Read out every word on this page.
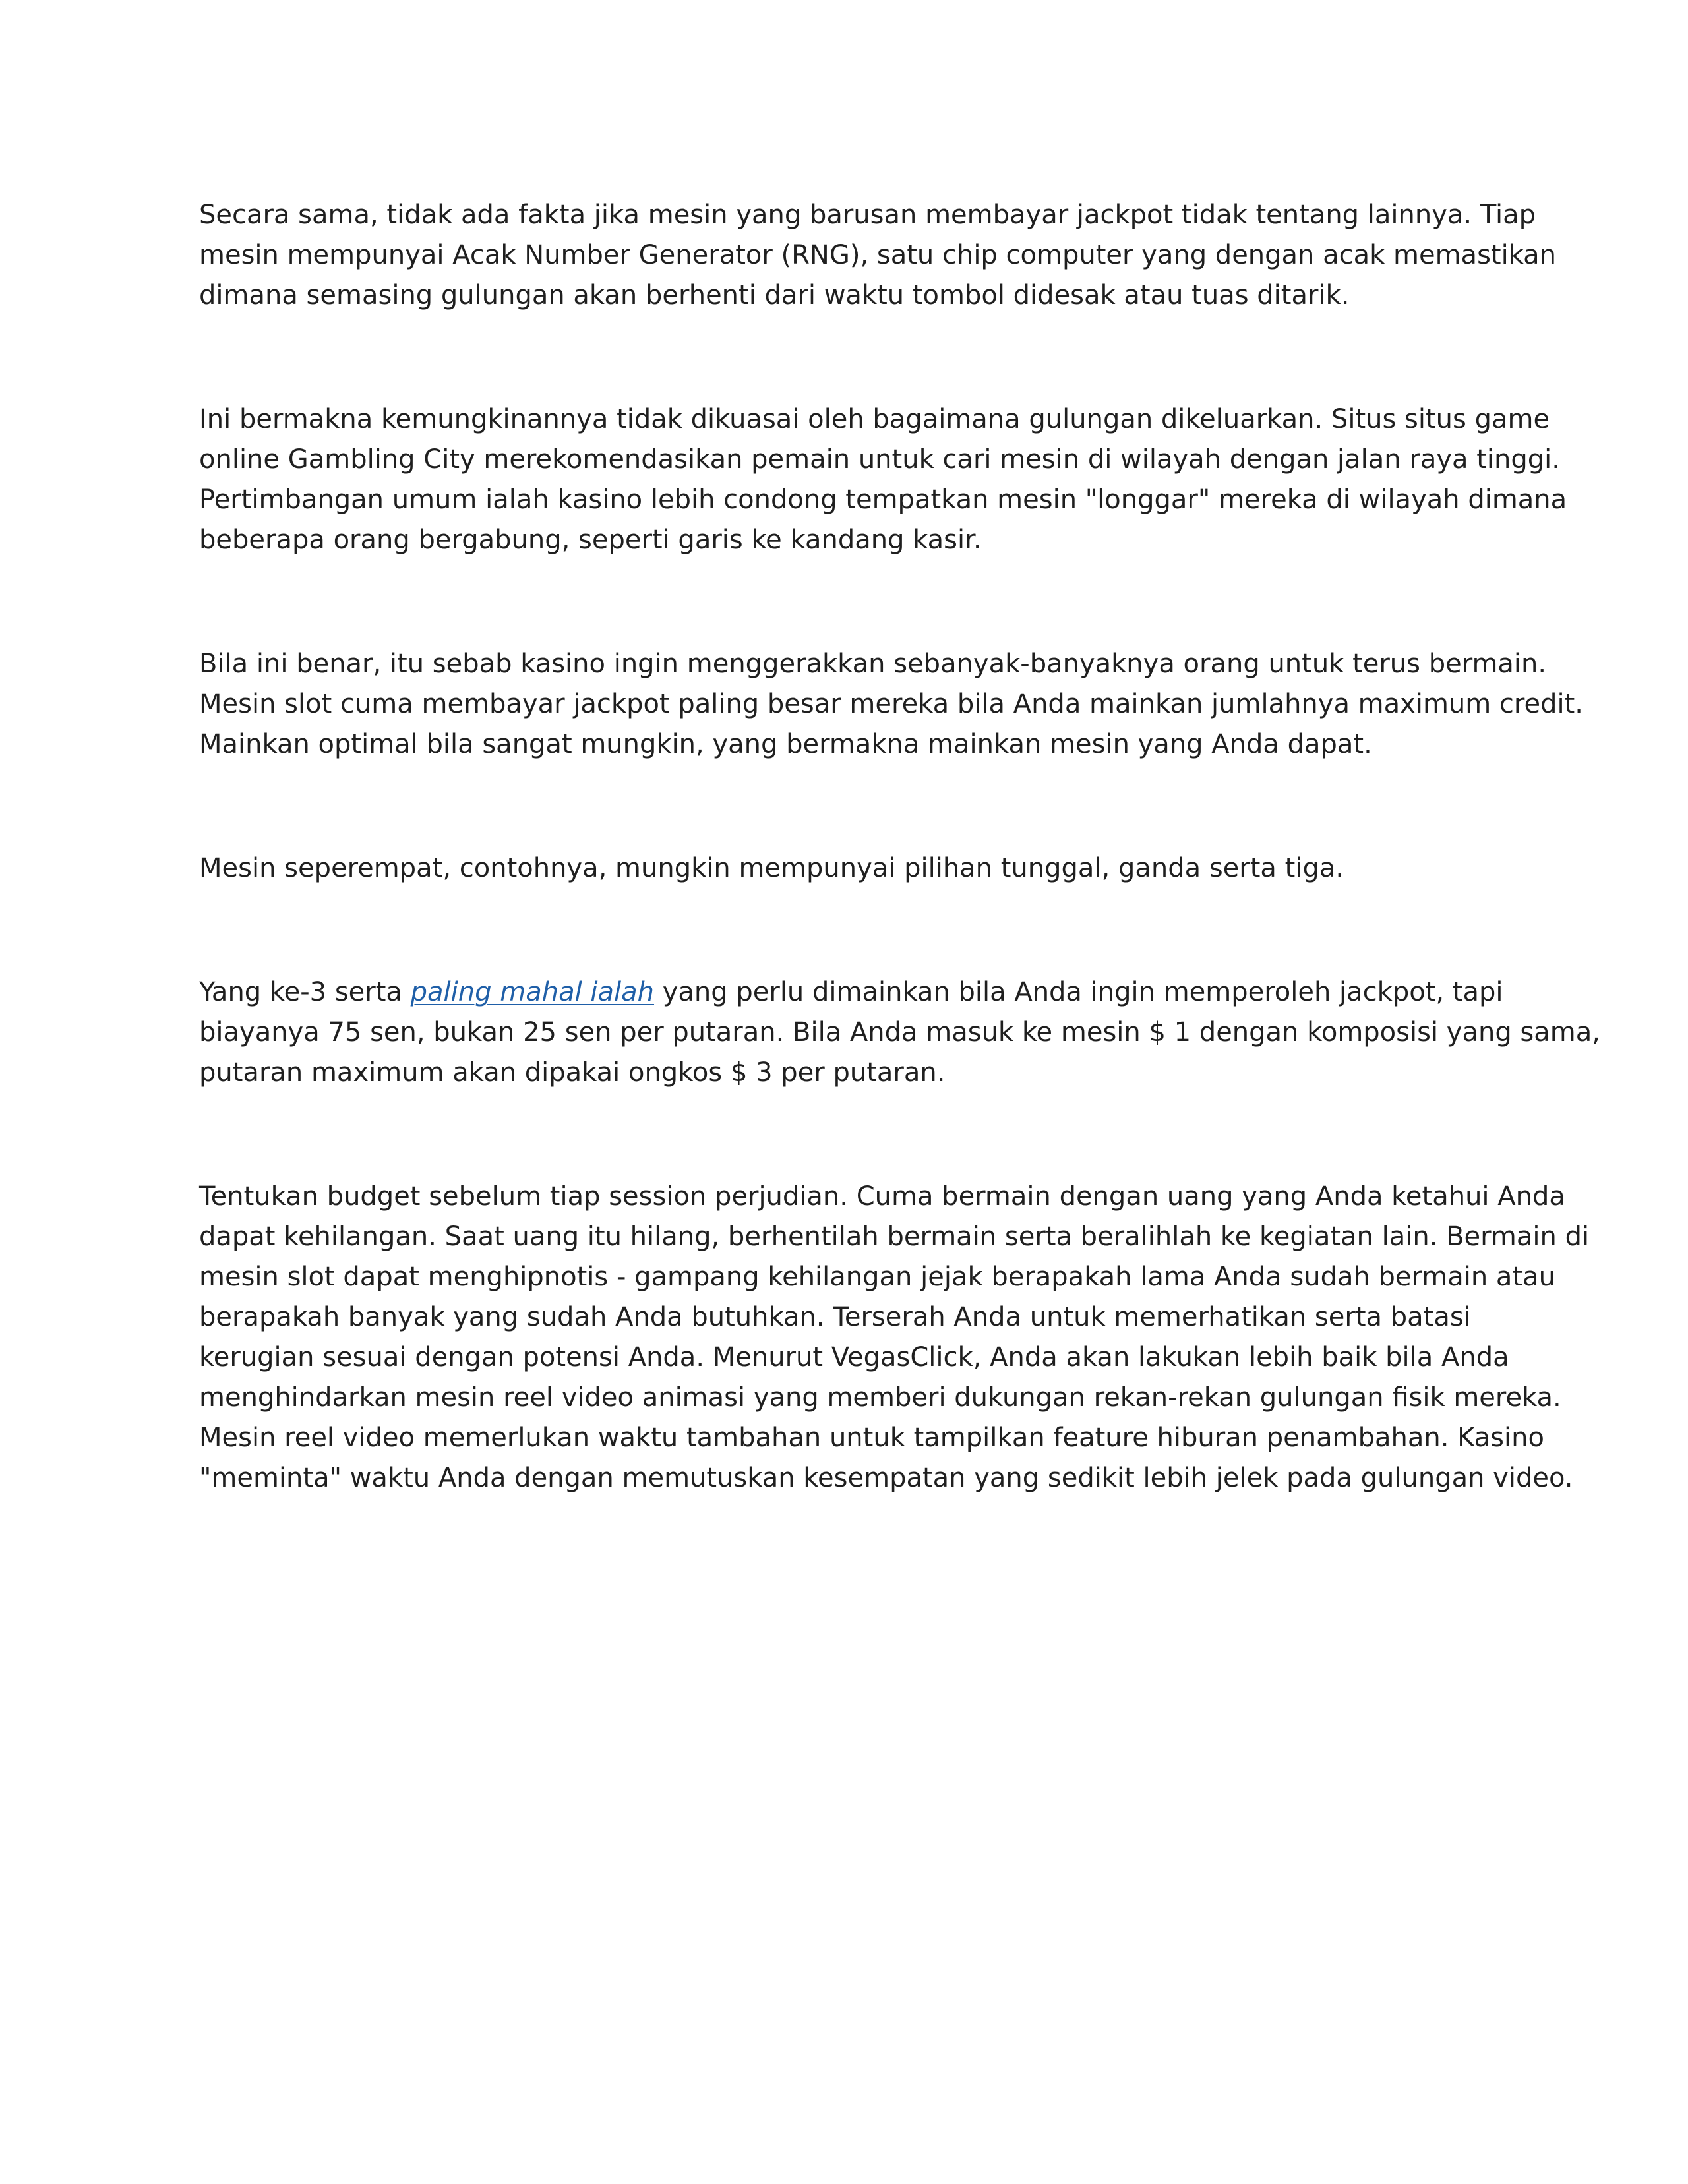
Secara sama, tidak ada fakta jika mesin yang barusan membayar jackpot tidak tentang lainnya. Tiap
mesin mempunyai Acak Number Generator (RNG), satu chip computer yang dengan acak memastikan
dimana semasing gulungan akan berhenti dari waktu tombol didesak atau tuas ditarik.

Ini bermakna kemungkinannya tidak dikuasai oleh bagaimana gulungan dikeluarkan. Situs situs game
online Gambling City merekomendasikan pemain untuk cari mesin di wilayah dengan jalan raya tinggi.
Pertimbangan umum ialah kasino lebih condong tempatkan mesin "longgar" mereka di wilayah dimana
beberapa orang bergabung, seperti garis ke kandang kasir.

Bila ini benar, itu sebab kasino ingin menggerakkan sebanyak-banyaknya orang untuk terus bermain.
Mesin slot cuma membayar jackpot paling besar mereka bila Anda mainkan jumlahnya maximum credit.
Mainkan optimal bila sangat mungkin, yang bermakna mainkan mesin yang Anda dapat.

Mesin seperempat, contohnya, mungkin mempunyai pilihan tunggal, ganda serta tiga.

Yang ke-3 serta paling mahal ialah yang perlu dimainkan bila Anda ingin memperoleh jackpot, tapi
biayanya 75 sen, bukan 25 sen per putaran. Bila Anda masuk ke mesin $ 1 dengan komposisi yang sama,
putaran maximum akan dipakai ongkos $ 3 per putaran.

Tentukan budget sebelum tiap session perjudian. Cuma bermain dengan uang yang Anda ketahui Anda
dapat kehilangan. Saat uang itu hilang, berhentilah bermain serta beralihlah ke kegiatan lain. Bermain di
mesin slot dapat menghipnotis - gampang kehilangan jejak berapakah lama Anda sudah bermain atau
berapakah banyak yang sudah Anda butuhkan. Terserah Anda untuk memerhatikan serta batasi
kerugian sesuai dengan potensi Anda. Menurut VegasClick, Anda akan lakukan lebih baik bila Anda
menghindarkan mesin reel video animasi yang memberi dukungan rekan-rekan gulungan fisik mereka.
Mesin reel video memerlukan waktu tambahan untuk tampilkan feature hiburan penambahan. Kasino
"meminta" waktu Anda dengan memutuskan kesempatan yang sedikit lebih jelek pada gulungan video.
